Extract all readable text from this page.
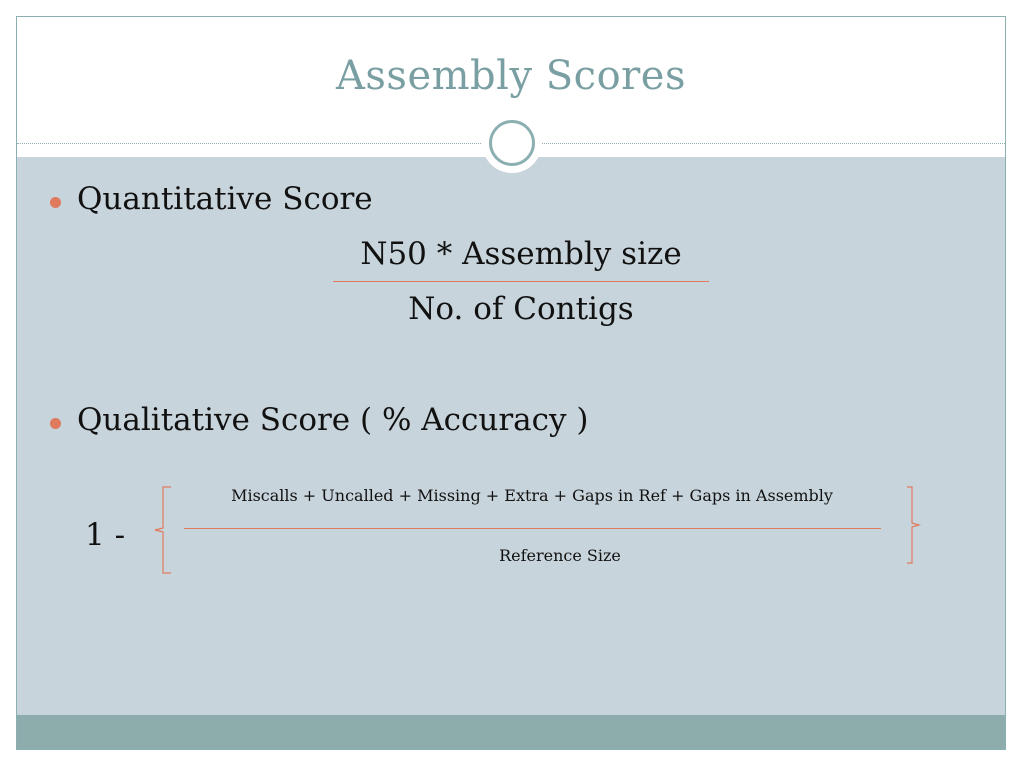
Assembly Scores
Quantitative Score
N50 * Assembly size
No. of Contigs
Qualitative Score ( % Accuracy )
1 -
Miscalls + Uncalled + Missing + Extra + Gaps in Ref + Gaps in Assembly
Reference Size
